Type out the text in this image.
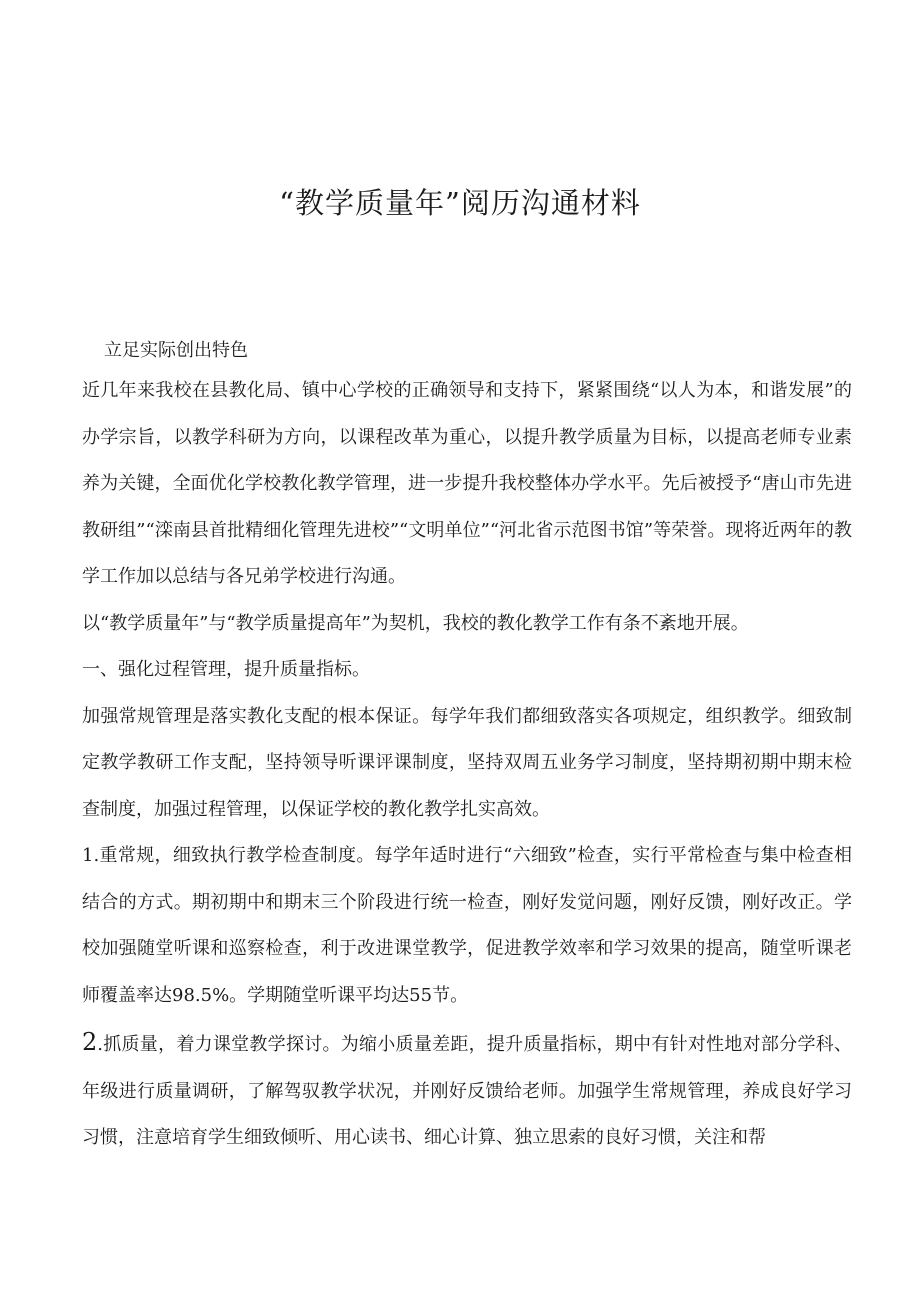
“教学质量年”阅历沟通材料
立足实际创出特色

近几年来我校在县教化局、镇中心学校的正确领导和支持下，紧紧围绕“以人为本，和谐发展”的办学宗旨，以教学科研为方向，以课程改革为重心，以提升教学质量为目标，以提高老师专业素养为关键，全面优化学校教化教学管理，进一步提升我校整体办学水平。先后被授予“唐山市先进教研组”“滦南县首批精细化管理先进校”“文明单位”“河北省示范图书馆”等荣誉。现将近两年的教学工作加以总结与各兄弟学校进行沟通。

以“教学质量年”与“教学质量提高年”为契机，我校的教化教学工作有条不紊地开展。

一、强化过程管理，提升质量指标。

加强常规管理是落实教化支配的根本保证。每学年我们都细致落实各项规定，组织教学。细致制定教学教研工作支配，坚持领导听课评课制度，坚持双周五业务学习制度，坚持期初期中期末检查制度，加强过程管理，以保证学校的教化教学扎实高效。

1.重常规，细致执行教学检查制度。每学年适时进行“六细致”检查，实行平常检查与集中检查相结合的方式。期初期中和期末三个阶段进行统一检查，刚好发觉问题，刚好反馈，刚好改正。学校加强随堂听课和巡察检查，利于改进课堂教学，促进教学效率和学习效果的提高，随堂听课老师覆盖率达98.5%。学期随堂听课平均达55节。

2.抓质量，着力课堂教学探讨。为缩小质量差距，提升质量指标，期中有针对性地对部分学科、年级进行质量调研，了解驾驭教学状况，并刚好反馈给老师。加强学生常规管理，养成良好学习习惯，注意培育学生细致倾听、用心读书、细心计算、独立思索的良好习惯，关注和帮
